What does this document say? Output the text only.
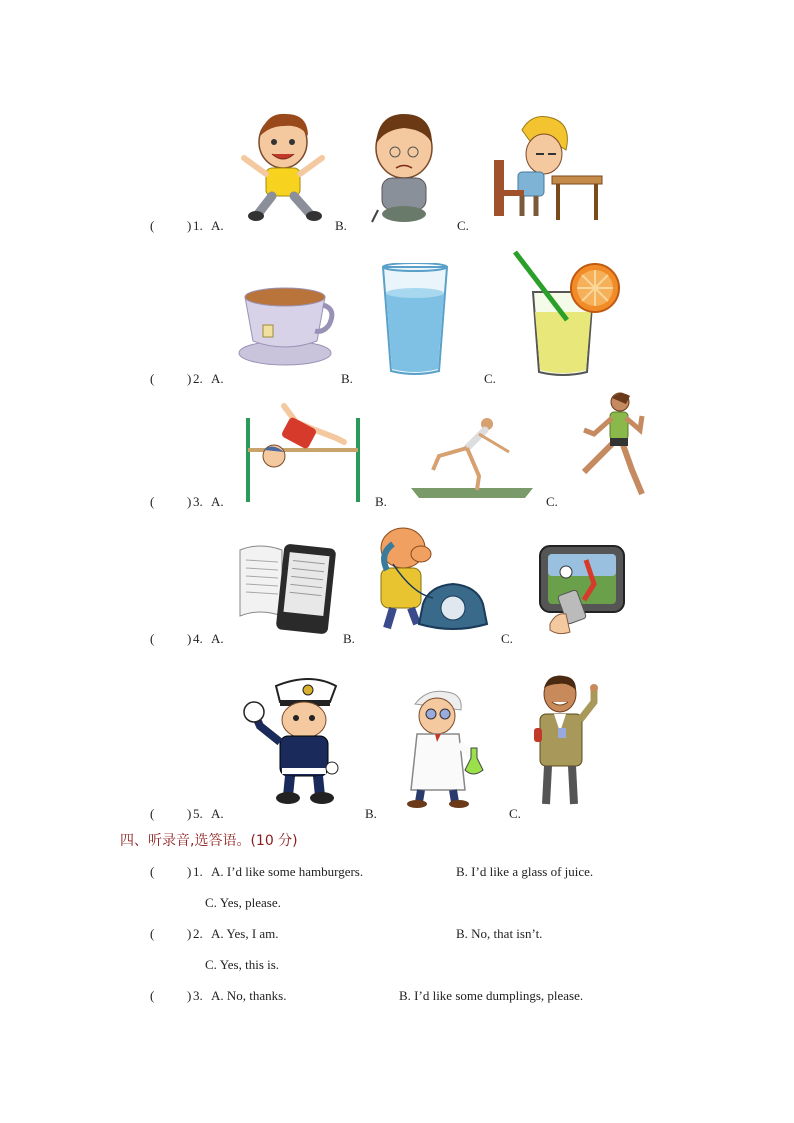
(	) 1. A.	B.	C.
(	) 2. A.	B.	C.
(	) 3. A.	B.	C.
(	) 4. A.	B.	C.
(	) 5. A.	B.	C.
四、听录音,选答语。(10 分)
(	) 1. A. I’d like some hamburgers.	B. I’d like a glass of juice.
C. Yes, please.
(	) 2. A. Yes, I am.	B. No, that isn’t.
C. Yes, this is.
(	) 3. A. No, thanks.	B. I’d like some dumplings, please.
